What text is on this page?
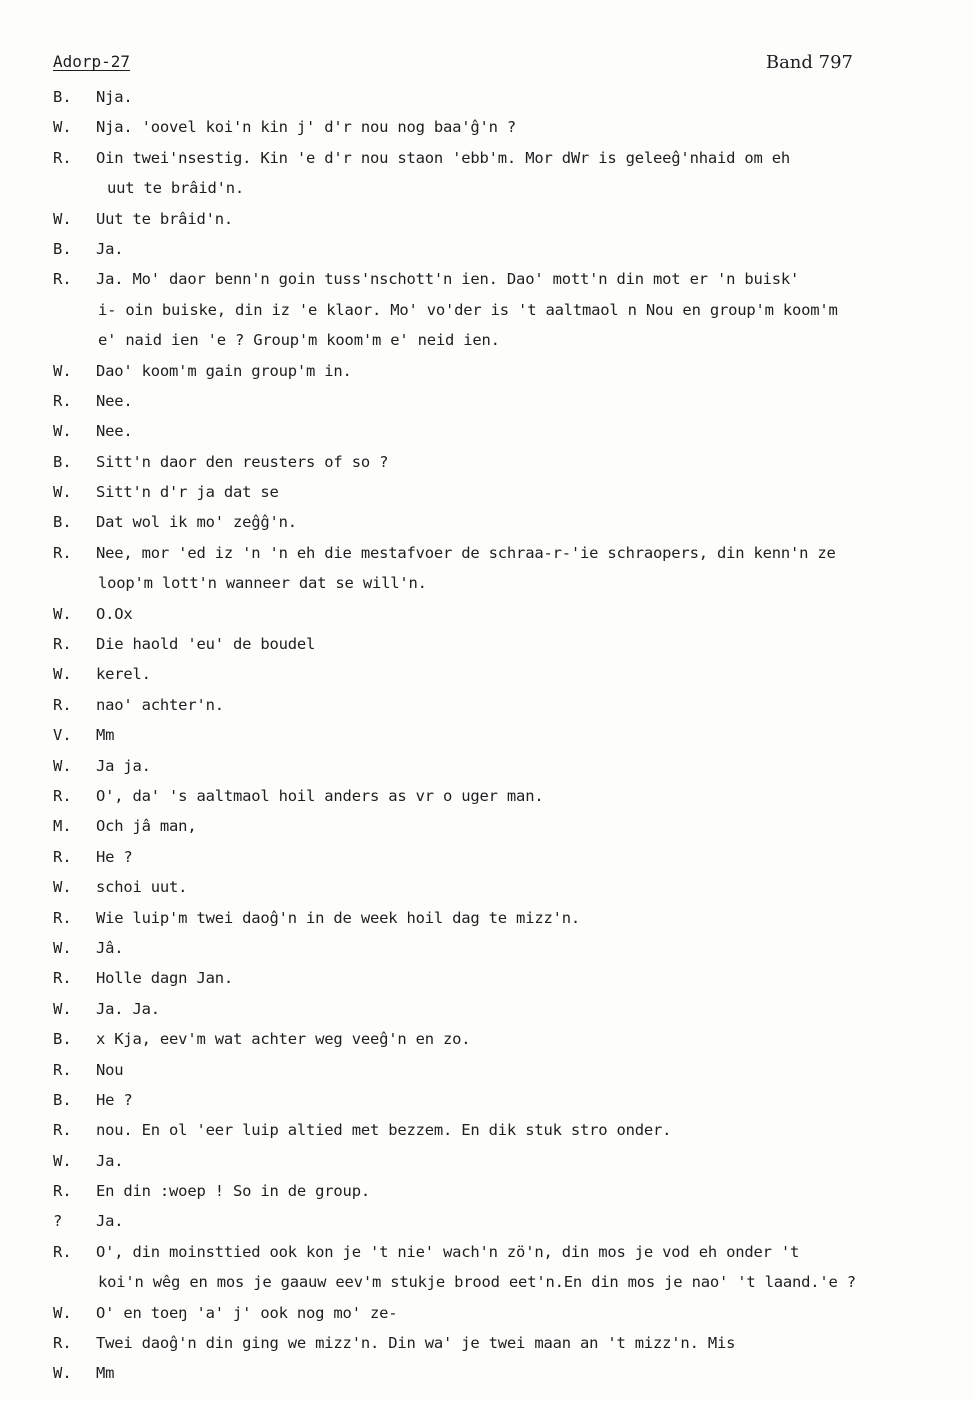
Adorp-27	Band 797
B. Nja.
W. Nja. 'oovel koi'n kin j' d'r nou nog baa'ĝ'n ?
R. Oin twei'nsestig. Kin 'e d'r nou staon 'ebb'm. Mor dWr is geleeĝ'nhaid om eh
uut te brâid'n.
W. Uut te brâid'n.
B. Ja.
R. Ja. Mo' daor benn'n goin tuss'nschott'n ien. Dao' mott'n din mot er 'n buisk'
i- oin buiske, din iz 'e klaor. Mo' vo'der is 't aaltmaol n Nou en group'm koom'm
e' naid ien 'e ? Group'm koom'm e' neid ien.
W. Dao' koom'm gain group'm in.
R. Nee.
W. Nee.
B. Sitt'n daor den reusters of so ?
W. Sitt'n d'r ja dat se
B. Dat wol ik mo' zeĝĝ'n.
R. Nee, mor 'ed iz 'n 'n eh die mestafvoer de schraa-r-'ie schraopers, din kenn'n ze
loop'm lott'n wanneer dat se will'n.
W. O.Ox
R. Die haold 'eu' de boudel
W. kerel.
R. nao' achter'n.
V. Mm
W. Ja ja.
R. O', da' 's aaltmaol hoil anders as vr o uger man.
M. Och jâ man,
R. He ?
W. schoi uut.
R. Wie luip'm twei daoĝ'n in de week hoil dag te mizz'n.
W. Jâ.
R. Holle dagn Jan.
W. Ja. Ja.
B. x Kja, eev'm wat achter weg veeĝ'n en zo.
R. Nou
B. He ?
R. nou. En ol 'eer luip altied met bezzem. En dik stuk stro onder.
W. Ja.
R. En din :woep ! So in de group.
? Ja.
R. O', din moinsttied ook kon je 't nie' wach'n zö'n, din mos je vod eh onder 't
koi'n wêg en mos je gaauw eev'm stukje brood eet'n.En din mos je nao' 't laand.'e ?
W. O' en toeŋ 'a' j' ook nog mo' ze-
R. Twei daoĝ'n din ging we mizz'n. Din wa' je twei maan an 't mizz'n. Mis
W. Mm
